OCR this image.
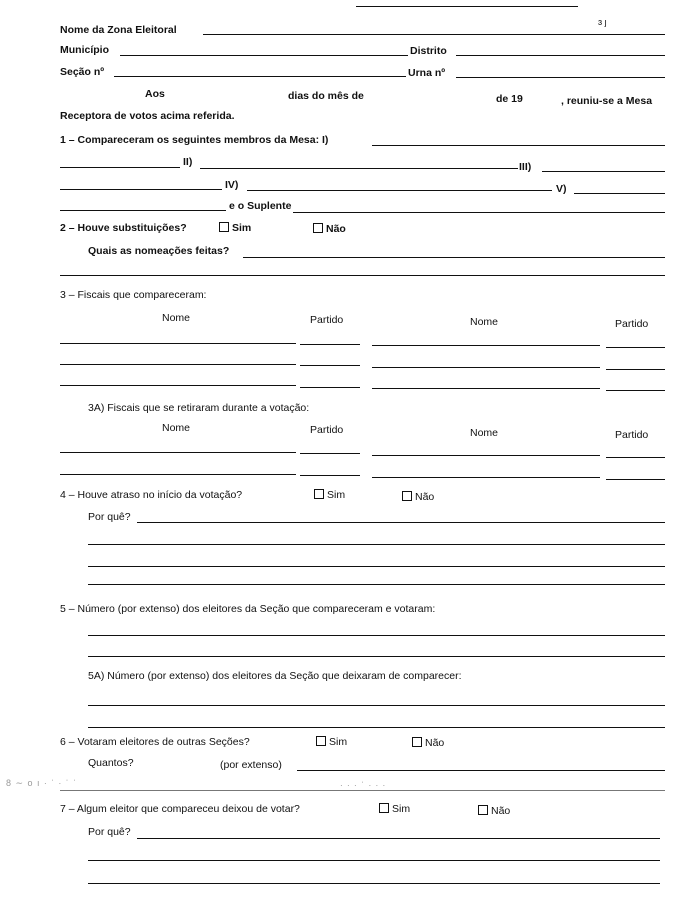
Nome da Zona Eleitoral
ɜ ȷ
Município	Distrito
Seção nº	Urna nº
Aos	dias do mês de	de 19	, reuniu-se a Mesa
Receptora de votos acima referida.
1 – Compareceram os seguintes membros da Mesa: I)
II)	III)
IV)	V)
e o Suplente
2 – Houve substituições?	Sim	Não
Quais as nomeações feitas?
3 – Fiscais que compareceram:
Nome	Partido	Nome	Partido
3A) Fiscais que se retiraram durante a votação:
Nome	Partido	Nome	Partido
4 – Houve atraso no início da votação?	Sim	Não
Por quê?
5 – Número (por extenso) dos eleitores da Seção que compareceram e votaram:
5A) Número (por extenso) dos eleitores da Seção que deixaram de comparecer:
6 – Votaram eleitores de outras Seções?	Sim	Não
Quantos?	(por extenso)
8 ∼ o ı ∙ ˈ ∙ ˈ ˈ	∙ ∙ ∙ ˈ ∙ ∙ ∙
7 – Algum eleitor que compareceu deixou de votar?	Sim	Não
Por quê?
